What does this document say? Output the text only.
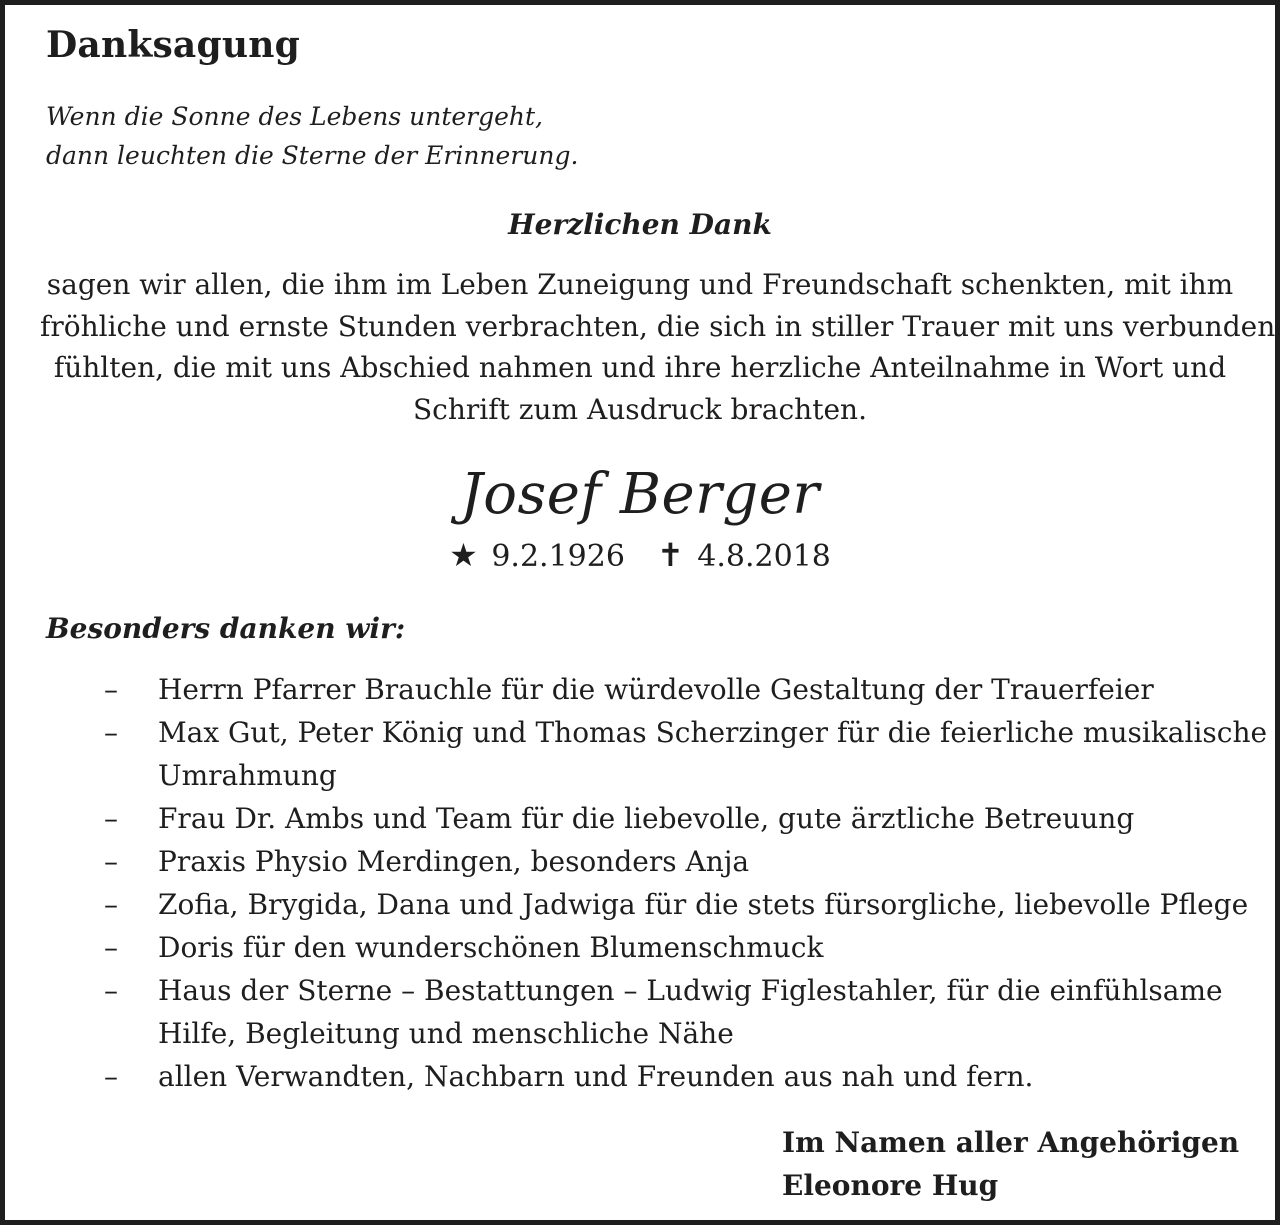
Danksagung
Wenn die Sonne des Lebens untergeht,
dann leuchten die Sterne der Erinnerung.
Herzlichen Dank
sagen wir allen, die ihm im Leben Zuneigung und Freundschaft schenkten, mit ihm
fröhliche und ernste Stunden verbrachten, die sich in stiller Trauer mit uns verbunden
fühlten, die mit uns Abschied nahmen und ihre herzliche Anteilnahme in Wort und
Schrift zum Ausdruck brachten.
Josef Berger
★ 9.2.1926 ✝ 4.8.2018
Besonders danken wir:
– Herrn Pfarrer Brauchle für die würdevolle Gestaltung der Trauerfeier
– Max Gut, Peter König und Thomas Scherzinger für die feierliche musikalische
Umrahmung
– Frau Dr. Ambs und Team für die liebevolle, gute ärztliche Betreuung
– Praxis Physio Merdingen, besonders Anja
– Zofia, Brygida, Dana und Jadwiga für die stets fürsorgliche, liebevolle Pflege
– Doris für den wunderschönen Blumenschmuck
– Haus der Sterne – Bestattungen – Ludwig Figlestahler, für die einfühlsame
Hilfe, Begleitung und menschliche Nähe
– allen Verwandten, Nachbarn und Freunden aus nah und fern.
Im Namen aller Angehörigen
Eleonore Hug
